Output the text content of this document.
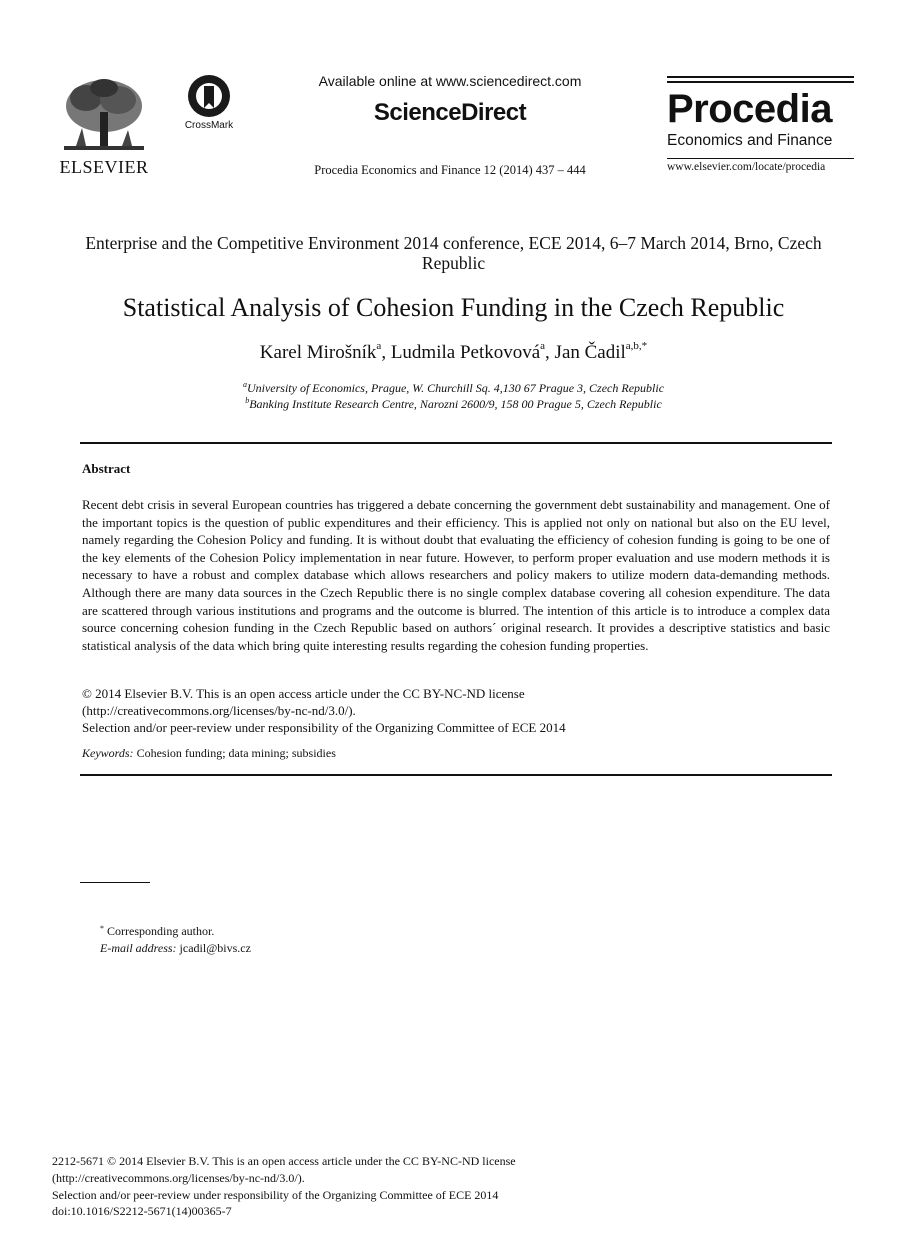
ELSEVIER
CrossMark
Available online at www.sciencedirect.com
ScienceDirect
Procedia Economics and Finance 12 (2014) 437 – 444
Procedia
Economics and Finance
www.elsevier.com/locate/procedia
Enterprise and the Competitive Environment 2014 conference, ECE 2014, 6–7 March 2014, Brno, Czech Republic
Statistical Analysis of Cohesion Funding in the Czech Republic
Karel Mirošník$^a$, Ludmila Petkovová$^a$, Jan Čadil$^{a,b,*}$
$^a$University of Economics, Prague, W. Churchill Sq. 4,130 67 Prague 3, Czech Republic
$^b$Banking Institute Research Centre, Narozni 2600/9, 158 00 Prague 5, Czech Republic
Abstract
Recent debt crisis in several European countries has triggered a debate concerning the government debt sustainability and management. One of the important topics is the question of public expenditures and their efficiency. This is applied not only on national but also on the EU level, namely regarding the Cohesion Policy and funding. It is without doubt that evaluating the efficiency of cohesion funding is going to be one of the key elements of the Cohesion Policy implementation in near future. However, to perform proper evaluation and use modern methods it is necessary to have a robust and complex database which allows researchers and policy makers to utilize modern data-demanding methods. Although there are many data sources in the Czech Republic there is no single complex database covering all cohesion expenditure. The data are scattered through various institutions and programs and the outcome is blurred. The intention of this article is to introduce a complex data source concerning cohesion funding in the Czech Republic based on authors´ original research. It provides a descriptive statistics and basic statistical analysis of the data which bring quite interesting results regarding the cohesion funding properties.
© 2014 Elsevier B.V. This is an open access article under the CC BY-NC-ND license
(http://creativecommons.org/licenses/by-nc-nd/3.0/).
Selection and/or peer-review under responsibility of the Organizing Committee of ECE 2014
Keywords: Cohesion funding; data mining; subsidies
* Corresponding author.
E-mail address: jcadil@bivs.cz
2212-5671 © 2014 Elsevier B.V. This is an open access article under the CC BY-NC-ND license
(http://creativecommons.org/licenses/by-nc-nd/3.0/).
Selection and/or peer-review under responsibility of the Organizing Committee of ECE 2014
doi:10.1016/S2212-5671(14)00365-7
